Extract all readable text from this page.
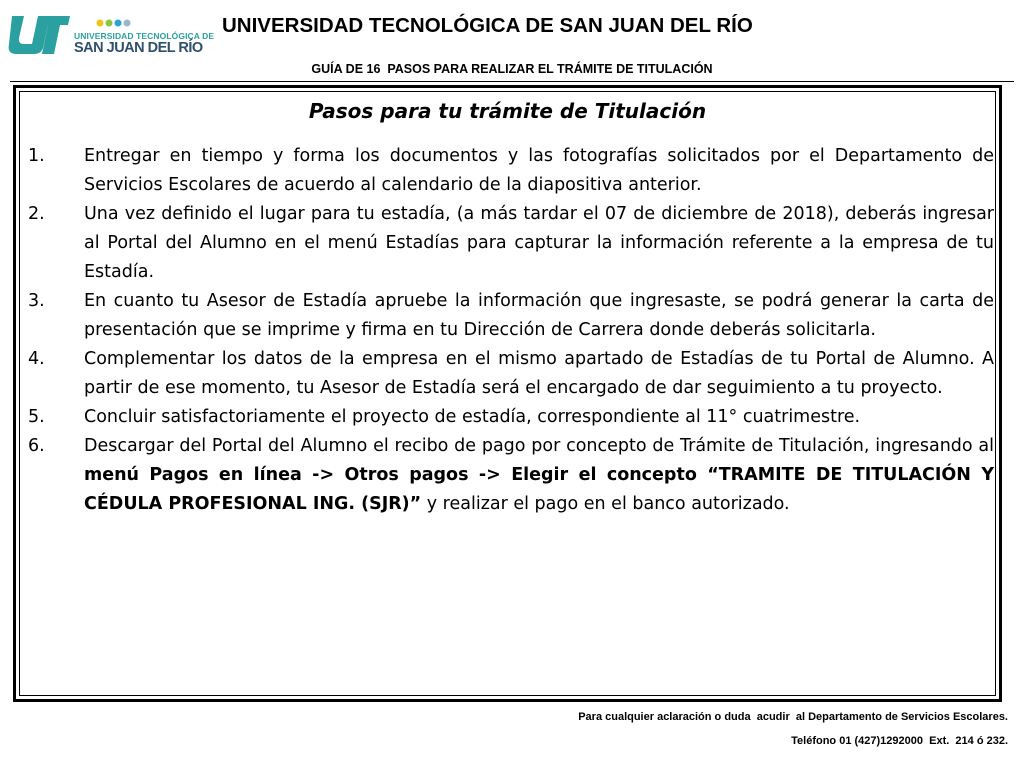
UNIVERSIDAD TECNOLÓGICA DE
SAN JUAN DEL RÍO
UNIVERSIDAD TECNOLÓGICA DE SAN JUAN DEL RÍO
GUÍA DE 16  PASOS PARA REALIZAR EL TRÁMITE DE TITULACIÓN
Pasos para tu trámite de Titulación
1. Entregar en tiempo y forma los documentos y las fotografías solicitados por el Departamento de Servicios Escolares de acuerdo al calendario de la diapositiva anterior.
2. Una vez definido el lugar para tu estadía, (a más tardar el 07 de diciembre de 2018), deberás ingresar al Portal del Alumno en el menú Estadías para capturar la información referente a la empresa de tu Estadía.
3. En cuanto tu Asesor de Estadía apruebe la información que ingresaste, se podrá generar la carta de presentación que se imprime y firma en tu Dirección de Carrera donde deberás solicitarla.
4. Complementar los datos de la empresa en el mismo apartado de Estadías de tu Portal de Alumno. A partir de ese momento, tu Asesor de Estadía será el encargado de dar seguimiento a tu proyecto.
5. Concluir satisfactoriamente el proyecto de estadía, correspondiente al 11° cuatrimestre.
6. Descargar del Portal del Alumno el recibo de pago por concepto de Trámite de Titulación, ingresando al menú Pagos en línea -> Otros pagos -> Elegir el concepto “TRAMITE DE TITULACIÓN Y CÉDULA PROFESIONAL ING. (SJR)” y realizar el pago en el banco autorizado.
Para cualquier aclaración o duda  acudir  al Departamento de Servicios Escolares.
Teléfono 01 (427)1292000  Ext.  214 ó 232.
